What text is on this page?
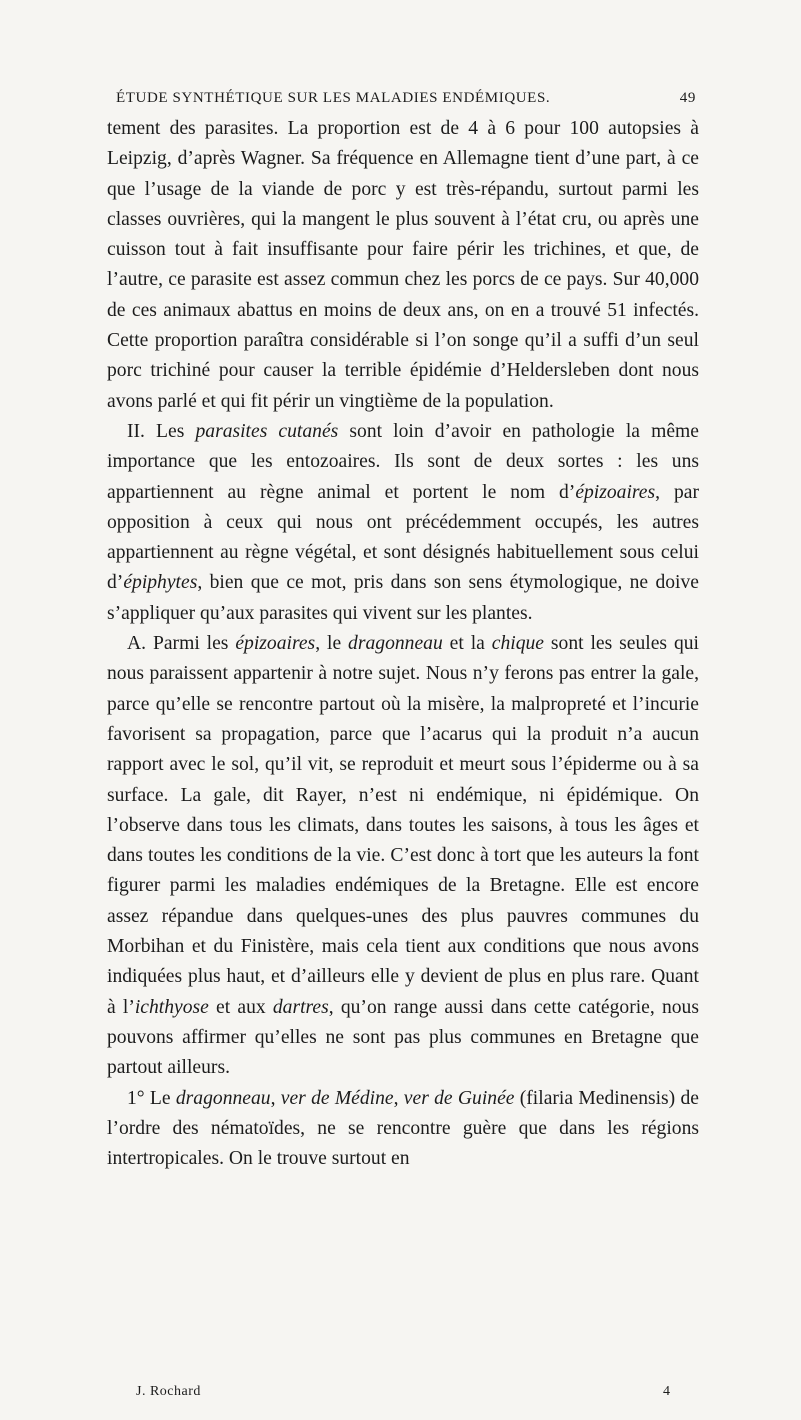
ÉTUDE SYNTHÉTIQUE SUR LES MALADIES ENDÉMIQUES.	49

tement des parasites. La proportion est de 4 à 6 pour 100 autopsies à Leipzig, d’après Wagner. Sa fréquence en Allemagne tient d’une part, à ce que l’usage de la viande de porc y est très-répandu, surtout parmi les classes ouvrières, qui la mangent le plus souvent à l’état cru, ou après une cuisson tout à fait insuffisante pour faire périr les trichines, et que, de l’autre, ce parasite est assez commun chez les porcs de ce pays. Sur 40,000 de ces animaux abattus en moins de deux ans, on en a trouvé 51 infectés. Cette proportion paraîtra considérable si l’on songe qu’il a suffi d’un seul porc trichiné pour causer la terrible épidémie d’Heldersleben dont nous avons parlé et qui fit périr un vingtième de la population.

II. Les parasites cutanés sont loin d’avoir en pathologie la même importance que les entozoaires. Ils sont de deux sortes : les uns appartiennent au règne animal et portent le nom d’épizoaires, par opposition à ceux qui nous ont précédemment occupés, les autres appartiennent au règne végétal, et sont désignés habituellement sous celui d’épiphytes, bien que ce mot, pris dans son sens étymologique, ne doive s’appliquer qu’aux parasites qui vivent sur les plantes.

A. Parmi les épizoaires, le dragonneau et la chique sont les seules qui nous paraissent appartenir à notre sujet. Nous n’y ferons pas entrer la gale, parce qu’elle se rencontre partout où la misère, la malpropreté et l’incurie favorisent sa propagation, parce que l’acarus qui la produit n’a aucun rapport avec le sol, qu’il vit, se reproduit et meurt sous l’épiderme ou à sa surface. La gale, dit Rayer, n’est ni endémique, ni épidémique. On l’observe dans tous les climats, dans toutes les saisons, à tous les âges et dans toutes les conditions de la vie. C’est donc à tort que les auteurs la font figurer parmi les maladies endémiques de la Bretagne. Elle est encore assez répandue dans quelques-unes des plus pauvres communes du Morbihan et du Finistère, mais cela tient aux conditions que nous avons indiquées plus haut, et d’ailleurs elle y devient de plus en plus rare. Quant à l’ichthyose et aux dartres, qu’on range aussi dans cette catégorie, nous pouvons affirmer qu’elles ne sont pas plus communes en Bretagne que partout ailleurs.

1° Le dragonneau, ver de Médine, ver de Guinée (filaria Medinensis) de l’ordre des nématoïdes, ne se rencontre guère que dans les régions intertropicales. On le trouve surtout en

J. Rochard	4
